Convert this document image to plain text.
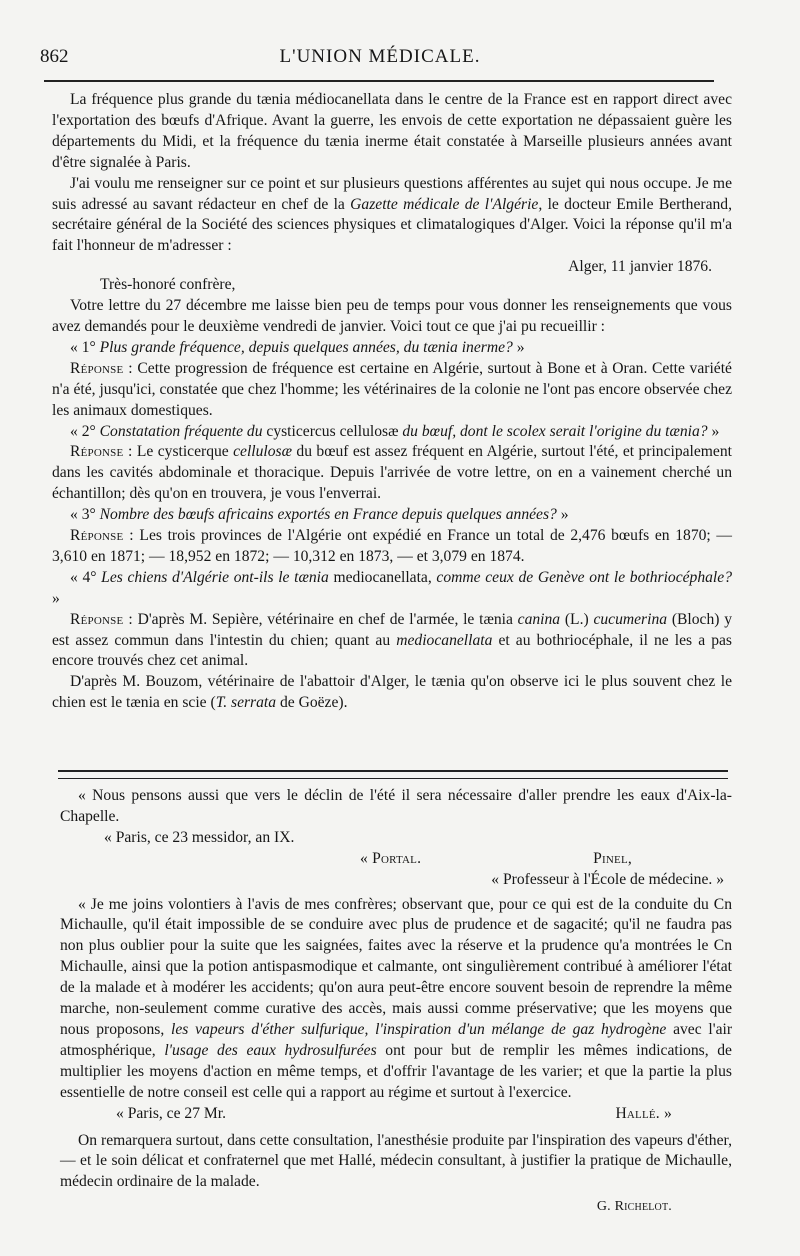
862	L'UNION MÉDICALE.

La fréquence plus grande du tænia médiocanellata dans le centre de la France est en rapport direct avec l'exportation des bœufs d'Afrique. Avant la guerre, les envois de cette exportation ne dépassaient guère les départements du Midi, et la fréquence du tænia inerme était constatée à Marseille plusieurs années avant d'être signalée à Paris.

J'ai voulu me renseigner sur ce point et sur plusieurs questions afférentes au sujet qui nous occupe. Je me suis adressé au savant rédacteur en chef de la Gazette médicale de l'Algérie, le docteur Emile Bertherand, secrétaire général de la Société des sciences physiques et climatalogiques d'Alger. Voici la réponse qu'il m'a fait l'honneur de m'adresser :

Alger, 11 janvier 1876.

Très-honoré confrère,

Votre lettre du 27 décembre me laisse bien peu de temps pour vous donner les renseignements que vous avez demandés pour le deuxième vendredi de janvier. Voici tout ce que j'ai pu recueillir :

« 1° Plus grande fréquence, depuis quelques années, du tænia inerme? »

Réponse : Cette progression de fréquence est certaine en Algérie, surtout à Bone et à Oran. Cette variété n'a été, jusqu'ici, constatée que chez l'homme; les vétérinaires de la colonie ne l'ont pas encore observée chez les animaux domestiques.

« 2° Constatation fréquente du cysticercus cellulosæ du bœuf, dont le scolex serait l'origine du tænia? »

Réponse : Le cysticerque cellulosæ du bœuf est assez fréquent en Algérie, surtout l'été, et principalement dans les cavités abdominale et thoracique. Depuis l'arrivée de votre lettre, on en a vainement cherché un échantillon; dès qu'on en trouvera, je vous l'enverrai.

« 3° Nombre des bœufs africains exportés en France depuis quelques années? »

Réponse : Les trois provinces de l'Algérie ont expédié en France un total de 2,476 bœufs en 1870; — 3,610 en 1871; — 18,952 en 1872; — 10,312 en 1873, — et 3,079 en 1874.

« 4° Les chiens d'Algérie ont-ils le tænia mediocanellata, comme ceux de Genève ont le bothriocéphale? »

Réponse : D'après M. Sepière, vétérinaire en chef de l'armée, le tænia canina (L.) cucumerina (Bloch) y est assez commun dans l'intestin du chien; quant au mediocanellata et au bothriocéphale, il ne les a pas encore trouvés chez cet animal.

D'après M. Bouzom, vétérinaire de l'abattoir d'Alger, le tænia qu'on observe ici le plus souvent chez le chien est le tænia en scie (T. serrata de Goëze).

« Nous pensons aussi que vers le déclin de l'été il sera nécessaire d'aller prendre les eaux d'Aix-la-Chapelle.

« Paris, ce 23 messidor, an IX.

« Portal.	Pinel,

« Professeur à l'École de médecine. »

« Je me joins volontiers à l'avis de mes confrères; observant que, pour ce qui est de la conduite du Cn Michaulle, qu'il était impossible de se conduire avec plus de prudence et de sagacité; qu'il ne faudra pas non plus oublier pour la suite que les saignées, faites avec la réserve et la prudence qu'a montrées le Cn Michaulle, ainsi que la potion antispasmodique et calmante, ont singulièrement contribué à améliorer l'état de la malade et à modérer les accidents; qu'on aura peut-être encore souvent besoin de reprendre la même marche, non-seulement comme curative des accès, mais aussi comme préservative; que les moyens que nous proposons, les vapeurs d'éther sulfurique, l'inspiration d'un mélange de gaz hydrogène avec l'air atmosphérique, l'usage des eaux hydrosulfurées ont pour but de remplir les mêmes indications, de multiplier les moyens d'action en même temps, et d'offrir l'avantage de les varier; et que la partie la plus essentielle de notre conseil est celle qui a rapport au régime et surtout à l'exercice.

« Paris, ce 27 Mr.	Hallé. »

On remarquera surtout, dans cette consultation, l'anesthésie produite par l'inspiration des vapeurs d'éther, — et le soin délicat et confraternel que met Hallé, médecin consultant, à justifier la pratique de Michaulle, médecin ordinaire de la malade.

G. Richelot.
